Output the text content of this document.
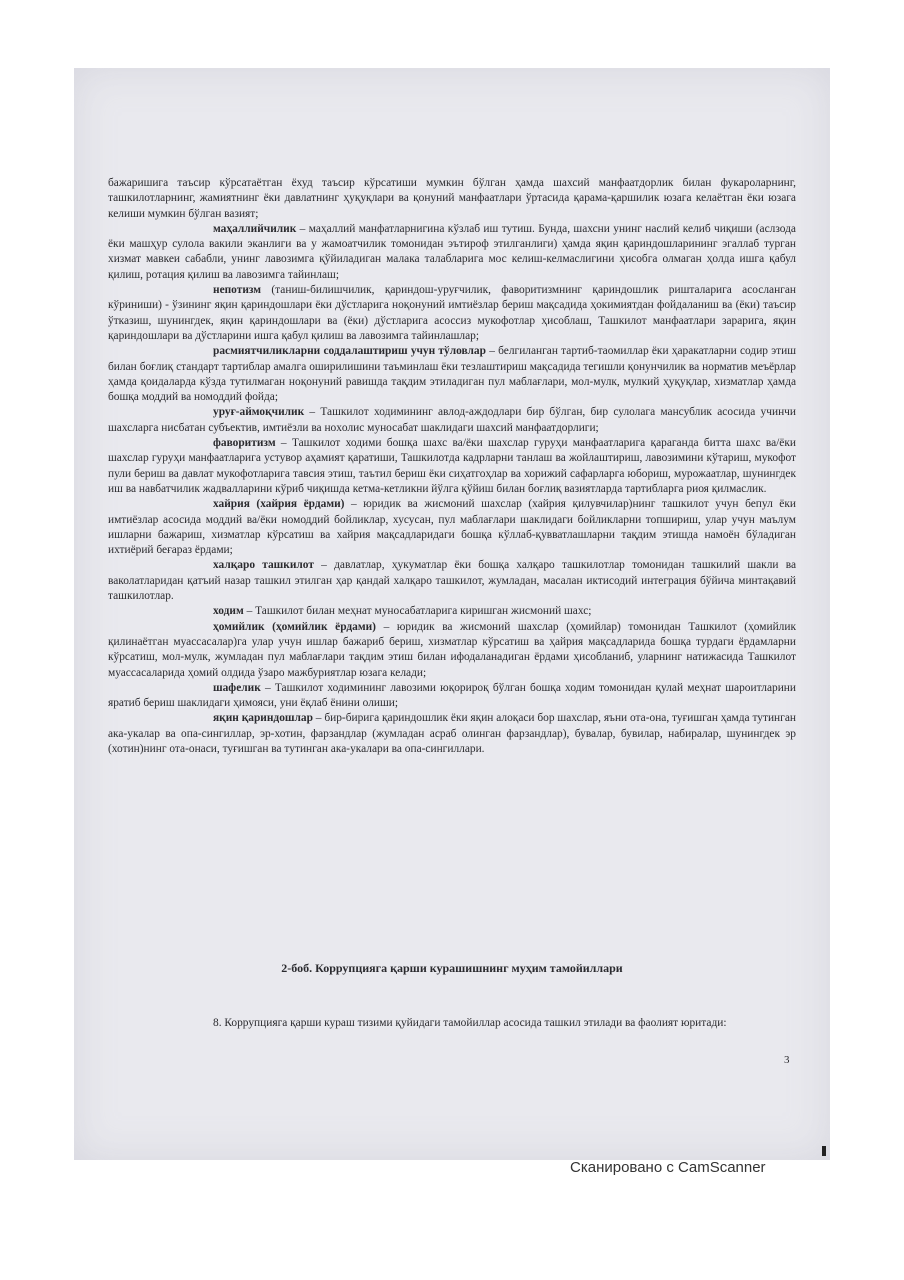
бажаришига таъсир кўрсатаётган ёхуд таъсир кўрсатиши мумкин бўлган ҳамда шахсий манфаатдорлик билан фукароларнинг, ташкилотларнинг, жамиятнинг ёки давлатнинг ҳуқуқлари ва қонуний манфаатлари ўртасида қарама-қаршилик юзага келаётган ёки юзага келиши мумкин бўлган вазият;

маҳаллийчилик – маҳаллий манфатларнигина кўзлаб иш тутиш. Бунда, шахсни унинг наслий келиб чиқиши (аслзода ёки машҳур сулола вакили эканлиги ва у жамоатчилик томонидан эътироф этилганлиги) ҳамда яқин қариндошларининг эгаллаб турган хизмат мавкеи сабабли, унинг лавозимга қўйиладиган малака талабларига мос келиш-келмаслигини ҳисобга олмаган ҳолда ишга қабул қилиш, ротация қилиш ва лавозимга тайинлаш;

непотизм (таниш-билишчилик, қариндош-уруғчилик, фаворитизмнинг қариндошлик ришталарига асосланган кўриниши) - ўзининг яқин қариндошлари ёки дўстларига ноқонуний имтиёзлар бериш мақсадида ҳокимиятдан фойдаланиш ва (ёки) таъсир ўтказиш, шунингдек, яқин қариндошлари ва (ёки) дўстларига асоссиз мукофотлар ҳисоблаш, Ташкилот манфаатлари зарарига, яқин қариндошлари ва дўстларини ишга қабул қилиш ва лавозимга тайинлашлар;

расмиятчиликларни соддалаштириш учун тўловлар – белгиланган тартиб-таомиллар ёки ҳаракатларни содир этиш билан боғлиқ стандарт тартиблар амалга оширилишини таъминлаш ёки тезлаштириш мақсадида тегишли қонунчилик ва норматив меъёрлар ҳамда қоидаларда кўзда тутилмаган ноқонуний равишда тақдим этиладиган пул маблағлари, мол-мулк, мулкий ҳуқуқлар, хизматлар ҳамда бошқа моддий ва номоддий фойда;

уруғ-аймоқчилик – Ташкилот ходимининг авлод-аждодлари бир бўлган, бир сулолага мансублик асосида учинчи шахсларга нисбатан субъектив, имтиёзли ва ноxолис муносабат шаклидаги шахсий манфаатдорлиги;

фаворитизм – Ташкилот ходими бошқа шахс ва/ёки шахслар гуруҳи манфаатларига қараганда битта шахс ва/ёки шахслар гуруҳи манфаатларига устувор аҳамият қаратиши, Ташкилотда кадрларни танлаш ва жойлаштириш, лавозимини кўтариш, мукофот пули бериш ва давлат мукофотларига тавсия этиш, таътил бериш ёки сиҳатгоҳлар ва хорижий сафарларга юбориш, мурожаатлар, шунингдек иш ва навбатчилик жадвалларини кўриб чиқишда кетма-кетликни йўлга қўйиш билан боғлиқ вазиятларда тартибларга риоя қилмаслик.

хайрия (хайрия ёрдами) – юридик ва жисмоний шахслар (хайрия қилувчилар)нинг ташкилот учун бепул ёки имтиёзлар асосида моддий ва/ёки номоддий бойликлар, хусусан, пул маблағлари шаклидаги бойликларни топшириш, улар учун маълум ишларни бажариш, хизматлар кўрсатиш ва хайрия мақсадларидаги бошқа кўллаб-қувватлашларни тақдим этишда намоён бўладиган ихтиёрий беғараз ёрдами;

халқаро ташкилот – давлатлар, ҳукуматлар ёки бошқа халқаро ташкилотлар томонидан ташкилий шакли ва ваколатларидан қатъий назар ташкил этилган ҳар қандай халқаро ташкилот, жумладан, масалан иктисодий интеграция бўйича минтақавий ташкилотлар.

ходим – Ташкилот билан меҳнат муносабатларига киришган жисмоний шахс;

ҳомийлик (ҳомийлик ёрдами) – юридик ва жисмоний шахслар (ҳомийлар) томонидан Ташкилот (ҳомийлик қилинаётган муассасалар)га улар учун ишлар бажариб бериш, хизматлар кўрсатиш ва ҳайрия мақсадларида бошқа турдаги ёрдамларни кўрсатиш, мол-мулк, жумладан пул маблағлари тақдим этиш билан ифодаланадиган ёрдами ҳисобланиб, уларнинг натижасида Ташкилот муассасаларида ҳомий олдида ўзаро мажбуриятлар юзага келади;

шафелик – Ташкилот ходимининг лавозими юқорироқ бўлган бошқа ходим томонидан қулай меҳнат шароитларини яратиб бериш шаклидаги ҳимояси, уни ёқлаб ёнини олиши;

яқин қариндошлар – бир-бирига қариндошлик ёки яқин алоқаси бор шахслар, яъни ота-она, туғишган ҳамда тутинган ака-укалар ва опа-сингиллар, эр-хотин, фарзандлар (жумладан асраб олинган фарзандлар), бувалар, бувилар, набиралар, шунингдек эр (хотин)нинг ота-онаси, туғишган ва тутинган ака-укалари ва опа-сингиллари.

2-боб. Коррупцияга қарши курашишнинг муҳим тамойиллари

8. Коррупцияга қарши кураш тизими қуйидаги тамойиллар асосида ташкил этилади ва фаолият юритади:

3
Сканировано с CamScanner
